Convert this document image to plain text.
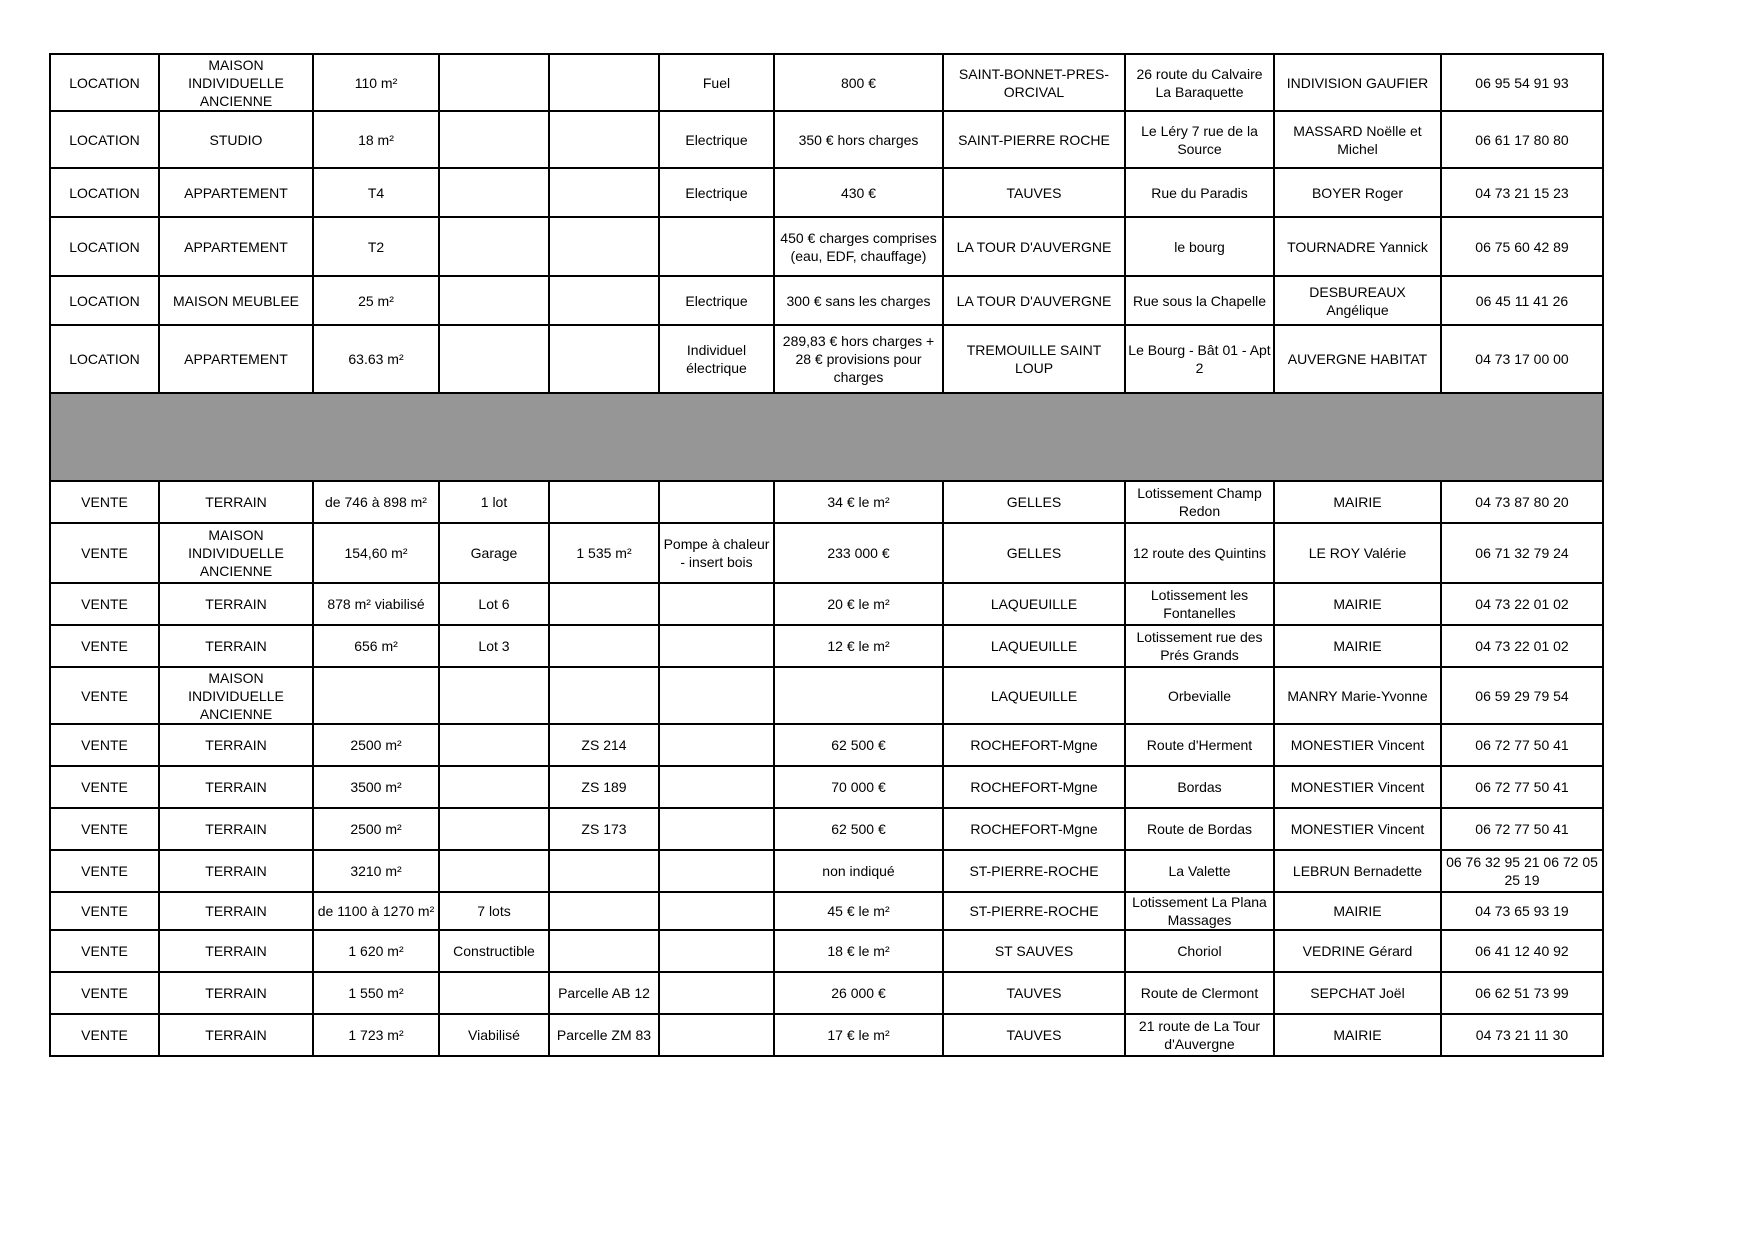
LOCATION	MAISON INDIVIDUELLE ANCIENNE	110 m²			Fuel	800 €	SAINT-BONNET-PRES-ORCIVAL	26 route du Calvaire La Baraquette	INDIVISION GAUFIER	06 95 54 91 93
LOCATION	STUDIO	18 m²			Electrique	350 € hors charges	SAINT-PIERRE ROCHE	Le Léry 7 rue de la Source	MASSARD Noëlle et Michel	06 61 17 80 80
LOCATION	APPARTEMENT	T4			Electrique	430 €	TAUVES	Rue du Paradis	BOYER Roger	04 73 21 15 23
LOCATION	APPARTEMENT	T2				450 € charges comprises (eau, EDF, chauffage)	LA TOUR D'AUVERGNE	le bourg	TOURNADRE Yannick	06 75 60 42 89
LOCATION	MAISON MEUBLEE	25 m²			Electrique	300 € sans les charges	LA TOUR D'AUVERGNE	Rue sous la Chapelle	DESBUREAUX Angélique	06 45 11 41 26
LOCATION	APPARTEMENT	63.63 m²			Individuel électrique	289,83 € hors charges + 28 € provisions pour charges	TREMOUILLE SAINT LOUP	Le Bourg - Bât 01 - Apt 2	AUVERGNE HABITAT	04 73 17 00 00

VENTE	TERRAIN	de 746 à 898 m²	1 lot			34 € le m²	GELLES	Lotissement Champ Redon	MAIRIE	04 73 87 80 20
VENTE	MAISON INDIVIDUELLE ANCIENNE	154,60 m²	Garage	1 535 m²	Pompe à chaleur - insert bois	233 000 €	GELLES	12 route des Quintins	LE ROY Valérie	06 71 32 79 24
VENTE	TERRAIN	878 m² viabilisé	Lot 6			20 € le m²	LAQUEUILLE	Lotissement les Fontanelles	MAIRIE	04 73 22 01 02
VENTE	TERRAIN	656 m²	Lot 3			12 € le m²	LAQUEUILLE	Lotissement rue des Prés Grands	MAIRIE	04 73 22 01 02
VENTE	MAISON INDIVIDUELLE ANCIENNE						LAQUEUILLE	Orbevialle	MANRY Marie-Yvonne	06 59 29 79 54
VENTE	TERRAIN	2500 m²		ZS 214		62 500 €	ROCHEFORT-Mgne	Route d'Herment	MONESTIER Vincent	06 72 77 50 41
VENTE	TERRAIN	3500 m²		ZS 189		70 000 €	ROCHEFORT-Mgne	Bordas	MONESTIER Vincent	06 72 77 50 41
VENTE	TERRAIN	2500 m²		ZS 173		62 500 €	ROCHEFORT-Mgne	Route de Bordas	MONESTIER Vincent	06 72 77 50 41
VENTE	TERRAIN	3210 m²				non indiqué	ST-PIERRE-ROCHE	La Valette	LEBRUN Bernadette	06 76 32 95 21 06 72 05 25 19
VENTE	TERRAIN	de 1100 à 1270 m²	7 lots			45 € le m²	ST-PIERRE-ROCHE	Lotissement La Plana Massages	MAIRIE	04 73 65 93 19
VENTE	TERRAIN	1 620 m²	Constructible			18 € le m²	ST SAUVES	Choriol	VEDRINE Gérard	06 41 12 40 92
VENTE	TERRAIN	1 550 m²		Parcelle AB 12		26 000 €	TAUVES	Route de Clermont	SEPCHAT Joël	06 62 51 73 99
VENTE	TERRAIN	1 723 m²	Viabilisé	Parcelle ZM 83		17 € le m²	TAUVES	21 route de La Tour d'Auvergne	MAIRIE	04 73 21 11 30
